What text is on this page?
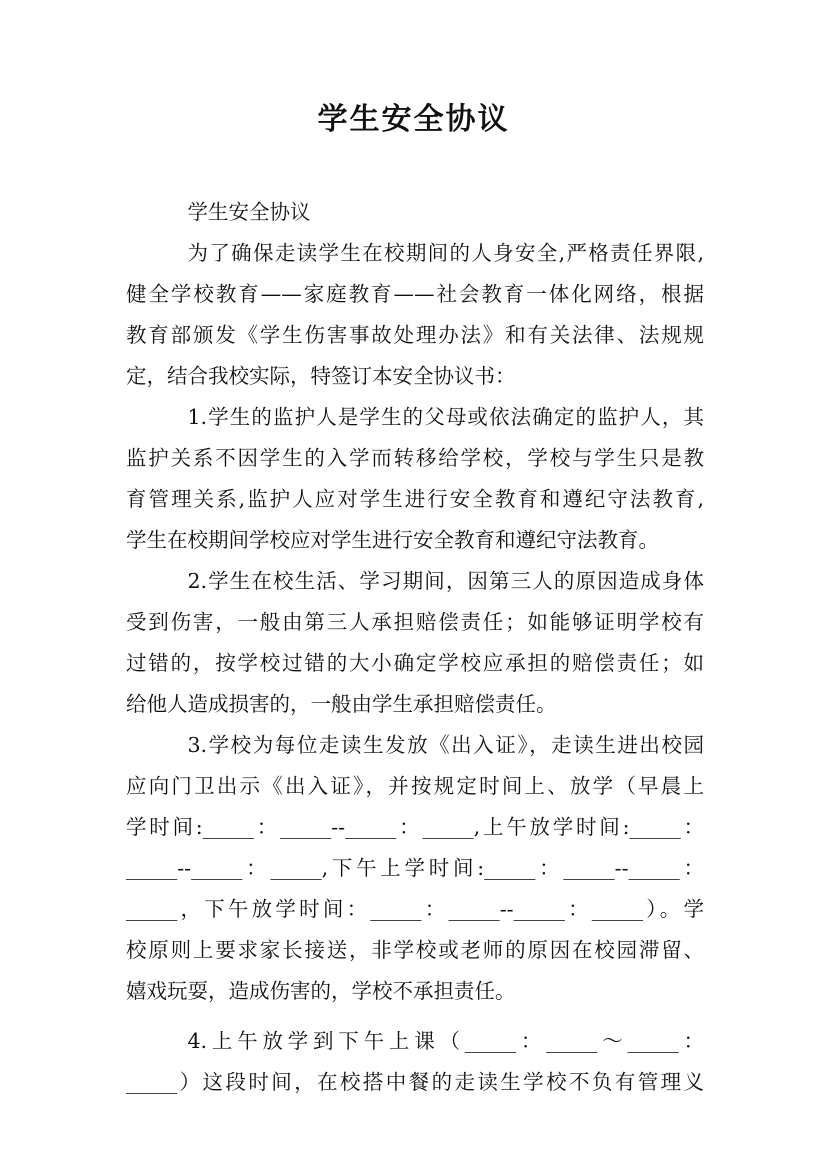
学生安全协议
学生安全协议
为了确保走读学生在校期间的人身安全,严格责任界限,
健全学校教育——家庭教育——社会教育一体化网络，根据
教育部颁发《学生伤害事故处理办法》和有关法律、法规规
定，结合我校实际，特签订本安全协议书：
1.学生的监护人是学生的父母或依法确定的监护人，其
监护关系不因学生的入学而转移给学校，学校与学生只是教
育管理关系,监护人应对学生进行安全教育和遵纪守法教育,
学生在校期间学校应对学生进行安全教育和遵纪守法教育。
2.学生在校生活、学习期间，因第三人的原因造成身体
受到伤害，一般由第三人承担赔偿责任；如能够证明学校有
过错的，按学校过错的大小确定学校应承担的赔偿责任；如
给他人造成损害的，一般由学生承担赔偿责任。
3.学校为每位走读生发放《出入证》，走读生进出校园
应向门卫出示《出入证》，并按规定时间上、放学（早晨上
学时间:_____：_____--_____：_____,上午放学时间:_____：
_____--_____：_____,下午上学时间:_____：_____--_____：
_____，下午放学时间：_____：_____--_____：_____）。学
校原则上要求家长接送，非学校或老师的原因在校园滞留、
嬉戏玩耍，造成伤害的，学校不承担责任。
4.上午放学到下午上课（_____：_____～_____：
_____）这段时间，在校搭中餐的走读生学校不负有管理义
